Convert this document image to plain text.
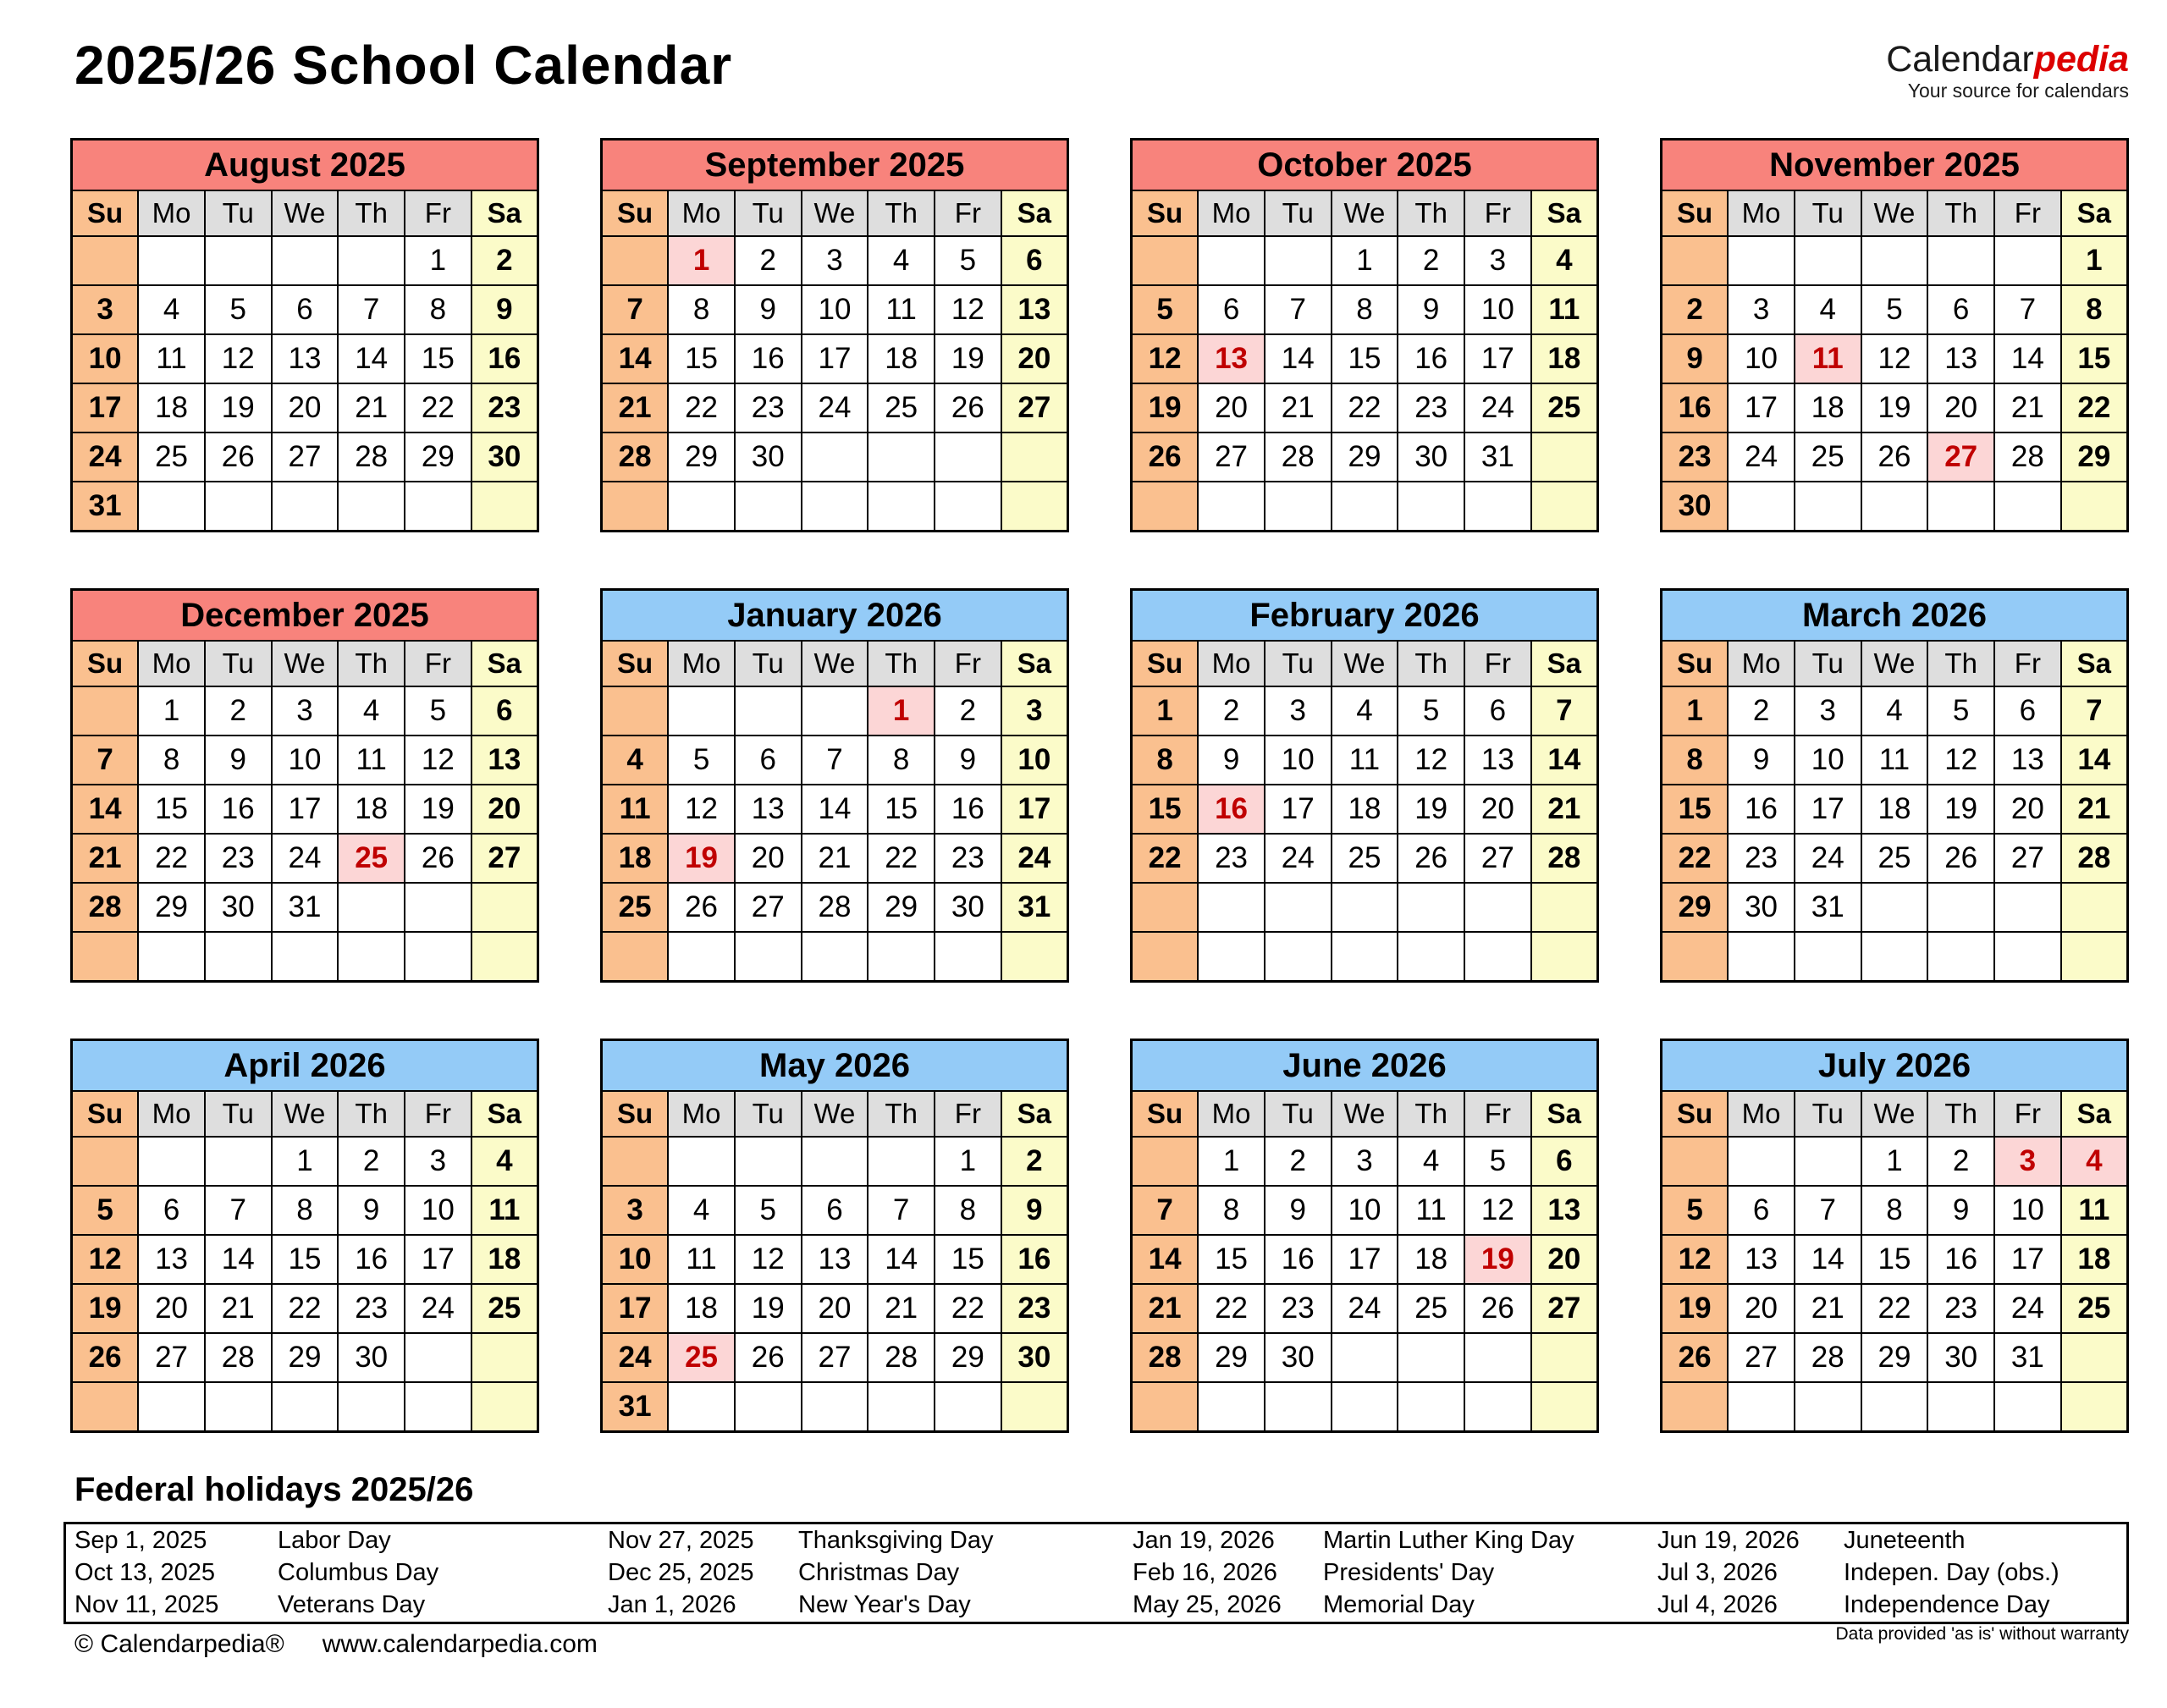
2025/26 School Calendar	Calendarpedia
Your source for calendars
August 2025						
Su	Mo	Tu	We	Th	Fr	Sa
					1	2
3	4	5	6	7	8	9
10	11	12	13	14	15	16
17	18	19	20	21	22	23
24	25	26	27	28	29	30
31						
September 2025						
Su	Mo	Tu	We	Th	Fr	Sa
	1	2	3	4	5	6
7	8	9	10	11	12	13
14	15	16	17	18	19	20
21	22	23	24	25	26	27
28	29	30				

October 2025						
Su	Mo	Tu	We	Th	Fr	Sa
			1	2	3	4
5	6	7	8	9	10	11
12	13	14	15	16	17	18
19	20	21	22	23	24	25
26	27	28	29	30	31	

November 2025						
Su	Mo	Tu	We	Th	Fr	Sa
						1
2	3	4	5	6	7	8
9	10	11	12	13	14	15
16	17	18	19	20	21	22
23	24	25	26	27	28	29
30						
December 2025						
Su	Mo	Tu	We	Th	Fr	Sa
	1	2	3	4	5	6
7	8	9	10	11	12	13
14	15	16	17	18	19	20
21	22	23	24	25	26	27
28	29	30	31			

January 2026						
Su	Mo	Tu	We	Th	Fr	Sa
				1	2	3
4	5	6	7	8	9	10
11	12	13	14	15	16	17
18	19	20	21	22	23	24
25	26	27	28	29	30	31

February 2026						
Su	Mo	Tu	We	Th	Fr	Sa
1	2	3	4	5	6	7
8	9	10	11	12	13	14
15	16	17	18	19	20	21
22	23	24	25	26	27	28

March 2026						
Su	Mo	Tu	We	Th	Fr	Sa
1	2	3	4	5	6	7
8	9	10	11	12	13	14
15	16	17	18	19	20	21
22	23	24	25	26	27	28
29	30	31				

April 2026						
Su	Mo	Tu	We	Th	Fr	Sa
			1	2	3	4
5	6	7	8	9	10	11
12	13	14	15	16	17	18
19	20	21	22	23	24	25
26	27	28	29	30		

May 2026						
Su	Mo	Tu	We	Th	Fr	Sa
					1	2
3	4	5	6	7	8	9
10	11	12	13	14	15	16
17	18	19	20	21	22	23
24	25	26	27	28	29	30
31						
June 2026						
Su	Mo	Tu	We	Th	Fr	Sa
	1	2	3	4	5	6
7	8	9	10	11	12	13
14	15	16	17	18	19	20
21	22	23	24	25	26	27
28	29	30				

July 2026						
Su	Mo	Tu	We	Th	Fr	Sa
			1	2	3	4
5	6	7	8	9	10	11
12	13	14	15	16	17	18
19	20	21	22	23	24	25
26	27	28	29	30	31	

Federal holidays 2025/26
Sep 1, 2025	Labor Day	Nov 27, 2025	Thanksgiving Day	Jan 19, 2026	Martin Luther King Day	Jun 19, 2026	Juneteenth
Oct 13, 2025	Columbus Day	Dec 25, 2025	Christmas Day	Feb 16, 2026	Presidents' Day	Jul 3, 2026	Indepen. Day (obs.)
Nov 11, 2025	Veterans Day	Jan 1, 2026	New Year's Day	May 25, 2026	Memorial Day	Jul 4, 2026	Independence Day
© Calendarpedia® www.calendarpedia.com	Data provided 'as is' without warranty
